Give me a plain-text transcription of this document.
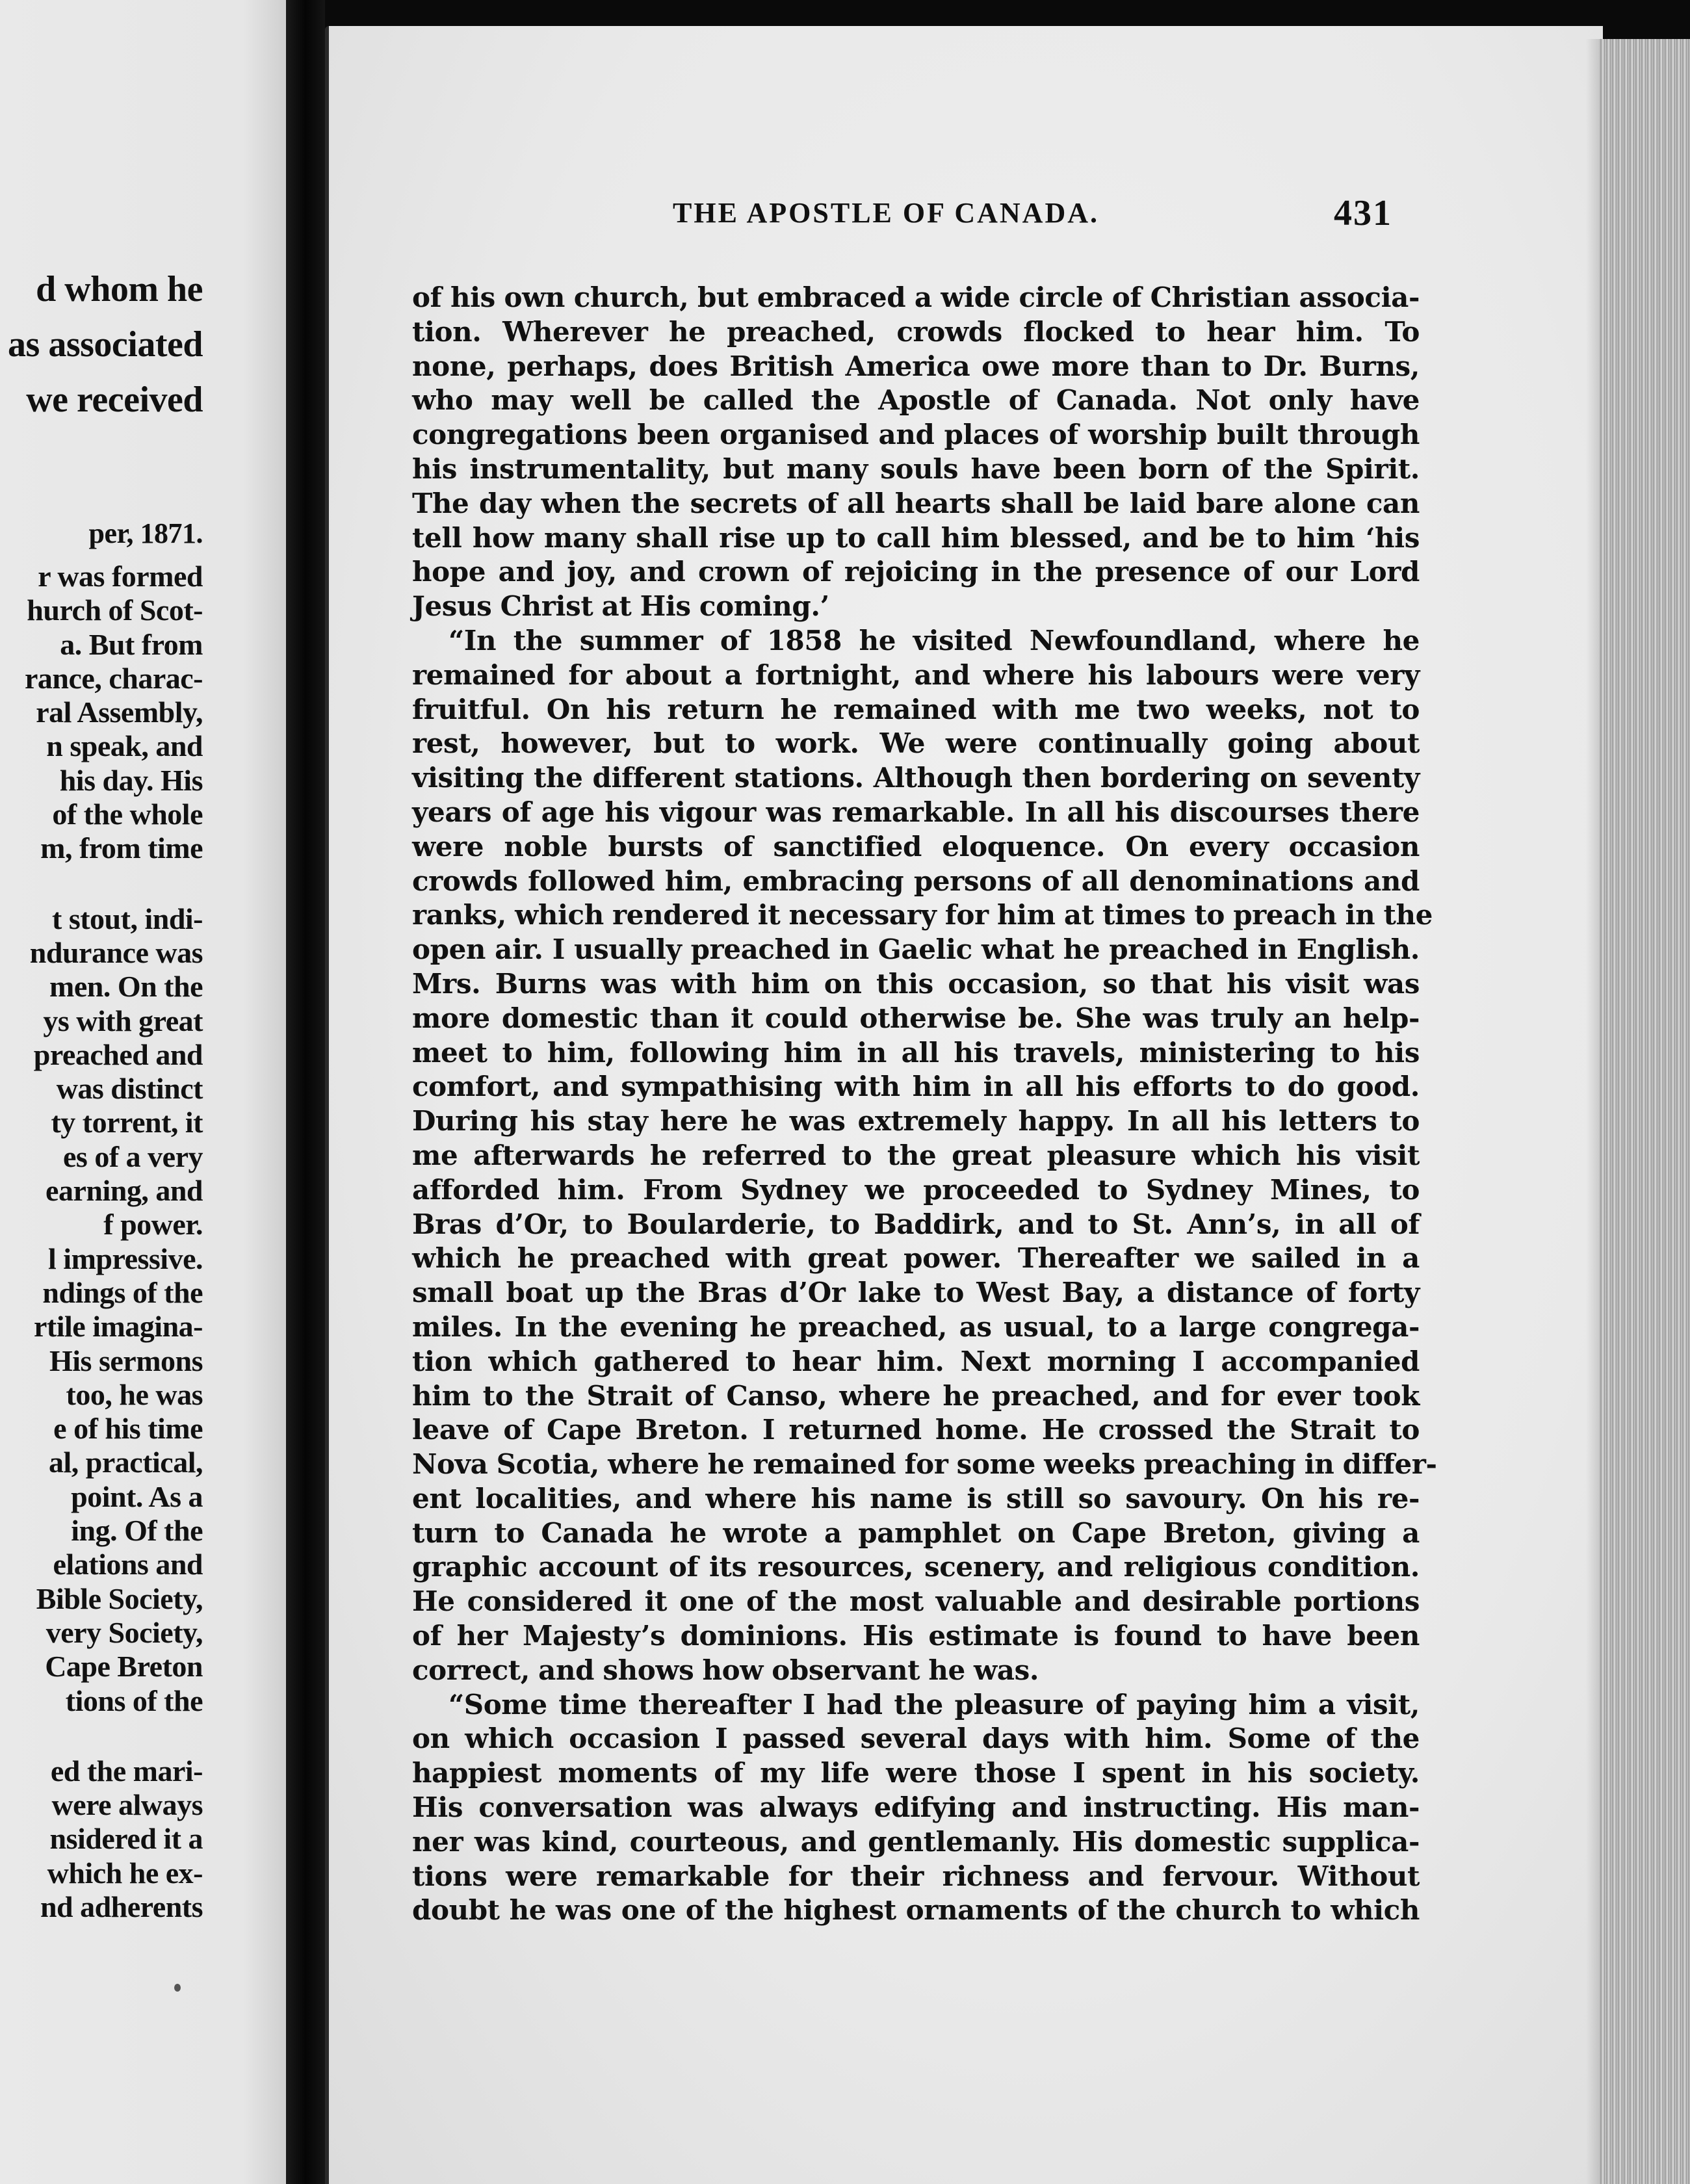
d whom he
as associated
we received
per, 1871.
r was formed
hurch of Scot-
a. But from
rance, charac-
ral Assembly,
n speak, and
his day. His
of the whole
m, from time
t stout, indi-
ndurance was
men. On the
ys with great
preached and
was distinct
ty torrent, it
es of a very
earning, and
f power.
l impressive.
ndings of the
rtile imagina-
His sermons
too, he was
e of his time
al, practical,
point. As a
ing. Of the
elations and
Bible Society,
very Society,
Cape Breton
tions of the
ed the mari-
were always
nsidered it a
which he ex-
nd adherents
THE APOSTLE OF CANADA.	431
of his own church, but embraced a wide circle of Christian associa-
tion. Wherever he preached, crowds flocked to hear him. To
none, perhaps, does British America owe more than to Dr. Burns,
who may well be called the Apostle of Canada. Not only have
congregations been organised and places of worship built through
his instrumentality, but many souls have been born of the Spirit.
The day when the secrets of all hearts shall be laid bare alone can
tell how many shall rise up to call him blessed, and be to him ‘his
hope and joy, and crown of rejoicing in the presence of our Lord
Jesus Christ at His coming.’
“In the summer of 1858 he visited Newfoundland, where he
remained for about a fortnight, and where his labours were very
fruitful. On his return he remained with me two weeks, not to
rest, however, but to work. We were continually going about
visiting the different stations. Although then bordering on seventy
years of age his vigour was remarkable. In all his discourses there
were noble bursts of sanctified eloquence. On every occasion
crowds followed him, embracing persons of all denominations and
ranks, which rendered it necessary for him at times to preach in the
open air. I usually preached in Gaelic what he preached in English.
Mrs. Burns was with him on this occasion, so that his visit was
more domestic than it could otherwise be. She was truly an help-
meet to him, following him in all his travels, ministering to his
comfort, and sympathising with him in all his efforts to do good.
During his stay here he was extremely happy. In all his letters to
me afterwards he referred to the great pleasure which his visit
afforded him. From Sydney we proceeded to Sydney Mines, to
Bras d’Or, to Boularderie, to Baddirk, and to St. Ann’s, in all of
which he preached with great power. Thereafter we sailed in a
small boat up the Bras d’Or lake to West Bay, a distance of forty
miles. In the evening he preached, as usual, to a large congrega-
tion which gathered to hear him. Next morning I accompanied
him to the Strait of Canso, where he preached, and for ever took
leave of Cape Breton. I returned home. He crossed the Strait to
Nova Scotia, where he remained for some weeks preaching in differ-
ent localities, and where his name is still so savoury. On his re-
turn to Canada he wrote a pamphlet on Cape Breton, giving a
graphic account of its resources, scenery, and religious condition.
He considered it one of the most valuable and desirable portions
of her Majesty’s dominions. His estimate is found to have been
correct, and shows how observant he was.
“Some time thereafter I had the pleasure of paying him a visit,
on which occasion I passed several days with him. Some of the
happiest moments of my life were those I spent in his society.
His conversation was always edifying and instructing. His man-
ner was kind, courteous, and gentlemanly. His domestic supplica-
tions were remarkable for their richness and fervour. Without
doubt he was one of the highest ornaments of the church to which
